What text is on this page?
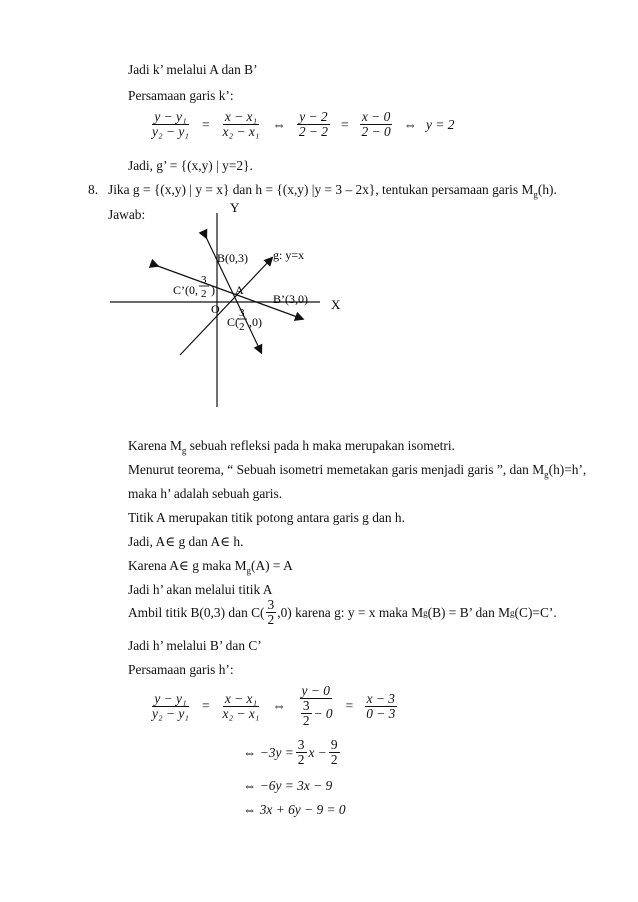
Jadi k’ melalui A dan B’
Persamaan garis k’:
$\frac{\text{y − y₁}}{\text{y₂ − y₁}} = \frac{\text{x − x₁}}{\text{x₂ − x₁}}$ ⇔ $\frac{y - 2}{2 - 2} = \frac{x - 0}{2 - 0}$ ⇔ y = 2
Jadi, g’ = {(x,y) | y=2}.
8. Jika g = {(x,y) | y = x} dan h = {(x,y) |y = 3 – 2x}, tentukan persamaan garis $M_g(h)$.
Jawab:	Y
X
O
A
B(0,3) g: y=x
B’(3,0)
C’(0,
3
2 )
C(
3
2 ,0)
Karena $M_g$ sebuah refleksi pada h maka merupakan isometri.
Menurut teorema, “ Sebuah isometri memetakan garis menjadi garis ”, dan $M_g(h)=h$’,
maka h’ adalah sebuah garis.
Titik A merupakan titik potong antara garis g dan h.
Jadi, A∈ g dan A∈ h.
Karena A∈ g maka $M_g(A) = A$
Jadi h’ akan melalui titik A
Ambil titik B(0,3) dan $C( \frac{3}{2} ,0)$ karena g: y = x maka M g (B) = B’ dan M g (C)=C’.
Jadi h’ melalui B’ dan C’
Persamaan garis h’:
$\frac{\text{y − y₁}}{\text{y₂ − y₁}} = \frac{\text{x − x₁}}{\text{x₂ − x₁}}$ ⇔ $\frac{y - 0}{\frac{3}{2} - 0} = \frac{x - 3}{0 - 3}$
⇔ $-3y = \frac{3}{2}$ $x - \frac{9}{2}$
⇔ −6y = 3x − 9
⇔ 3x + 6y − 9 = 0
